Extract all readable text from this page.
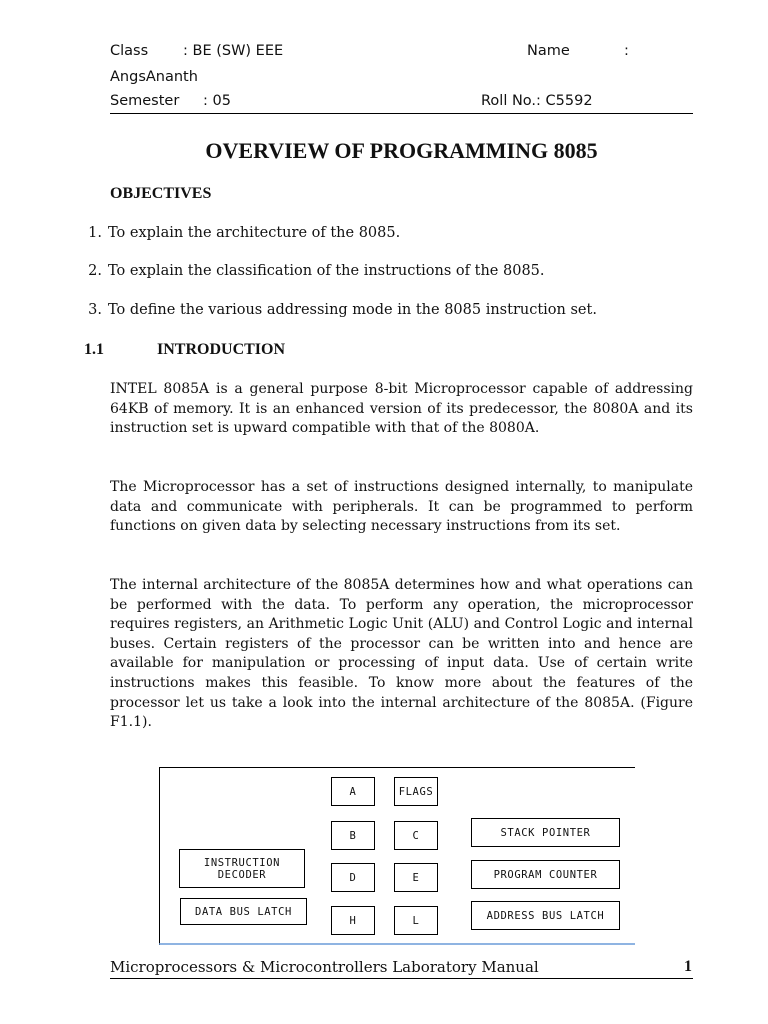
Class : BE (SW) EEE	Name	:
AngsAnanth
Semester : 05	Roll No.: C5592
OVERVIEW OF PROGRAMMING 8085
OBJECTIVES
1. To explain the architecture of the 8085.
2. To explain the classification of the instructions of the 8085.
3. To define the various addressing mode in the 8085 instruction set.
1.1	INTRODUCTION

INTEL 8085A is a general purpose 8-bit Microprocessor capable of addressing 64KB of memory. It is an enhanced version of its predecessor, the 8080A and its instruction set is upward compatible with that of the 8080A.

The Microprocessor has a set of instructions designed internally, to manipulate data and communicate with peripherals. It can be programmed to perform functions on given data by selecting necessary instructions from its set.

The internal architecture of the 8085A determines how and what operations can be performed with the data. To perform any operation, the microprocessor requires registers, an Arithmetic Logic Unit (ALU) and Control Logic and internal buses. Certain registers of the processor can be written into and hence are available for manipulation or processing of input data. Use of certain write instructions makes this feasible. To know more about the features of the processor let us take a look into the internal architecture of the 8085A. (Figure F1.1).

A	FLAGS
B	C
D	E
H	L
INSTRUCTION
DECODER
DATA BUS LATCH
STACK POINTER
PROGRAM COUNTER
ADDRESS BUS LATCH
Microprocessors & Microcontrollers Laboratory Manual	1
